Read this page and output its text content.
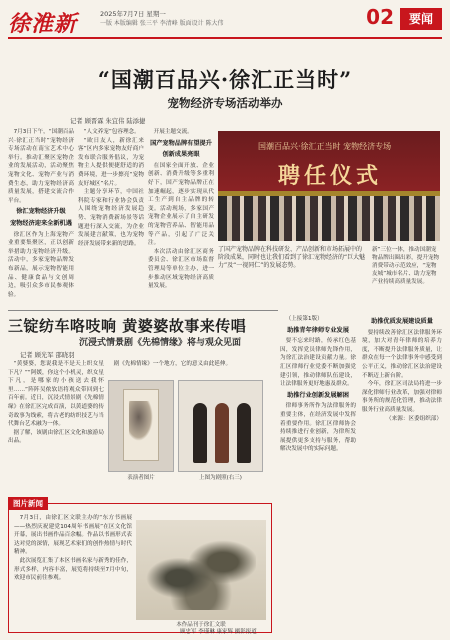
徐淮新	2025年7月7日 星期一
一版 本版编辑 张三平 李清峰 版面设计 陈大伟	02	要闻
“国潮百品兴·徐汇正当时”
宠物经济专场活动举办
记者 顾晋霖 朱宜伟 陆添捷

7月3日下午，“国潮百品兴·徐汇正当时”宠物经济专场活动在南宝艺术中心举行。推动汇聚区宠物企业的发展活动，活动聚焦宠物文化、宠物产业与消费生态，助力宠物经济高质量发展，搭建交流合作平台。

徐汇宠物经济升级
宠物经济迎来全新机遇

徐汇区作为上海宠物产业重要集聚区，正以创新举措助力宠物经济升级。活动中，多家宠物品牌发布新品，展示宠物智能用品、健康食品与文创周边，吸引众多市民参观体验。

“人文养宠”包容理念。

“欧日友人，新徐汇来客”区内多家宠物友好商户发布联合服务倡议，为宠物主人提供便捷舒适的消费环境，进一步擦亮“宠物友好城区”名片。

主题分享环节，中国社科院专家和行业协会负责人围绕宠物经济发展趋势、宠物消费新场景等话题进行深入交流，为企业发展建言献策，也为宠物经济发展带来新的思路。

开展主题交流。

国产宠物品牌有望提升
创新成果亮眼

在国家全面开放、企业创新、消费升级等多重利好下，国产宠物品牌正在加速崛起，逐步实现从代工生产到自主品牌的转变。活动现场，多家国产宠物企业展示了自主研发的宠物营养品、智能用品等产品，引起了广泛关注。

本次活动由徐汇区商务委员会、徐汇区市场监督管理局等单位主办，进一步推动区域宠物经济高质量发展。

国潮百品兴·徐汇正当时 宠物经济专场
聘任仪式
了国产宠物品牌在科技研发、产品创新和市场拓展中的阶段成果，同时也让我们看到了徐汇宠物经济的“巨大魅力”及“一视同仁”的发展态势。
新”三位一体，推动国潮宠物品牌出圈出彩，提升宠物消费带动示范效应，“宠物友城”城市名片、助力宠物产业持续高质量发展。
三锭纺车咯吱响 黄婆婆故事来传唱
沉浸式情景剧《先棉情缘》将与观众见面
记者 顾光军 邵晓羽

“黄婆婆，您说我是不是天上织女星下凡？”“阿媛，你这个小机灵，织女星下凡，是哪家的小孩送去我怀里……”阵阵吴侬软语将观众带回到七百年前。近日，沉浸式情景剧《先棉情缘》在徐汇区完成首演，以黄道婆的传奇故事为线索，将古老的纺织技艺与当代舞台艺术融为一体。

据了解，该剧由徐汇区文化和旅游局出品。

表演者图片	上图为剧照(右三)

剧《先棉情缘》一个地方，它的意义由此延伸。

图片新闻

7月3日，由徐汇区文联主办的“东方书画展——热烈庆祝建党104周年书画展”在区文化馆开幕，展出书画作品百余幅。作品以书画形式表达对党的深情，展现艺术家们的创作热情与时代精神。

此次展览汇集了本区书画名家与新秀的佳作，形式多样，内容丰富，展览将持续至7月中旬，欢迎市民前往参观。

本作品刊于徐汇文联
顾忠军 李瑾琳 康家辉 摄影报道

（上接第1版）

助推青年律师专业发展

要不忘来时路，传承红色基因，发挥党员律师先锋作用，为徐汇法治建设贡献力量。徐汇区律师行业党委不断加强党建引领，推动律师队伍建设，让法律服务更好地惠及群众。

助推行业创新发展解困

律师事务所作为法律服务的重要主体，在经济发展中发挥着重要作用。徐汇区律师协会持续推进行业创新，为律所发展提供更多支持与服务，帮助解决发展中的实际问题。

助推优质发展建设质量

要持续改善徐汇区法律服务环境，加大对青年律师的培养力度，不断提升法律服务质量，让群众在每一个法律事务中感受到公平正义，推动徐汇区法治建设不断迈上新台阶。

今年，徐汇区司法局将进一步深化律师行业改革，加强对律师事务所的规范化管理，推动法律服务行业高质量发展。

（来源：区委组织部）
